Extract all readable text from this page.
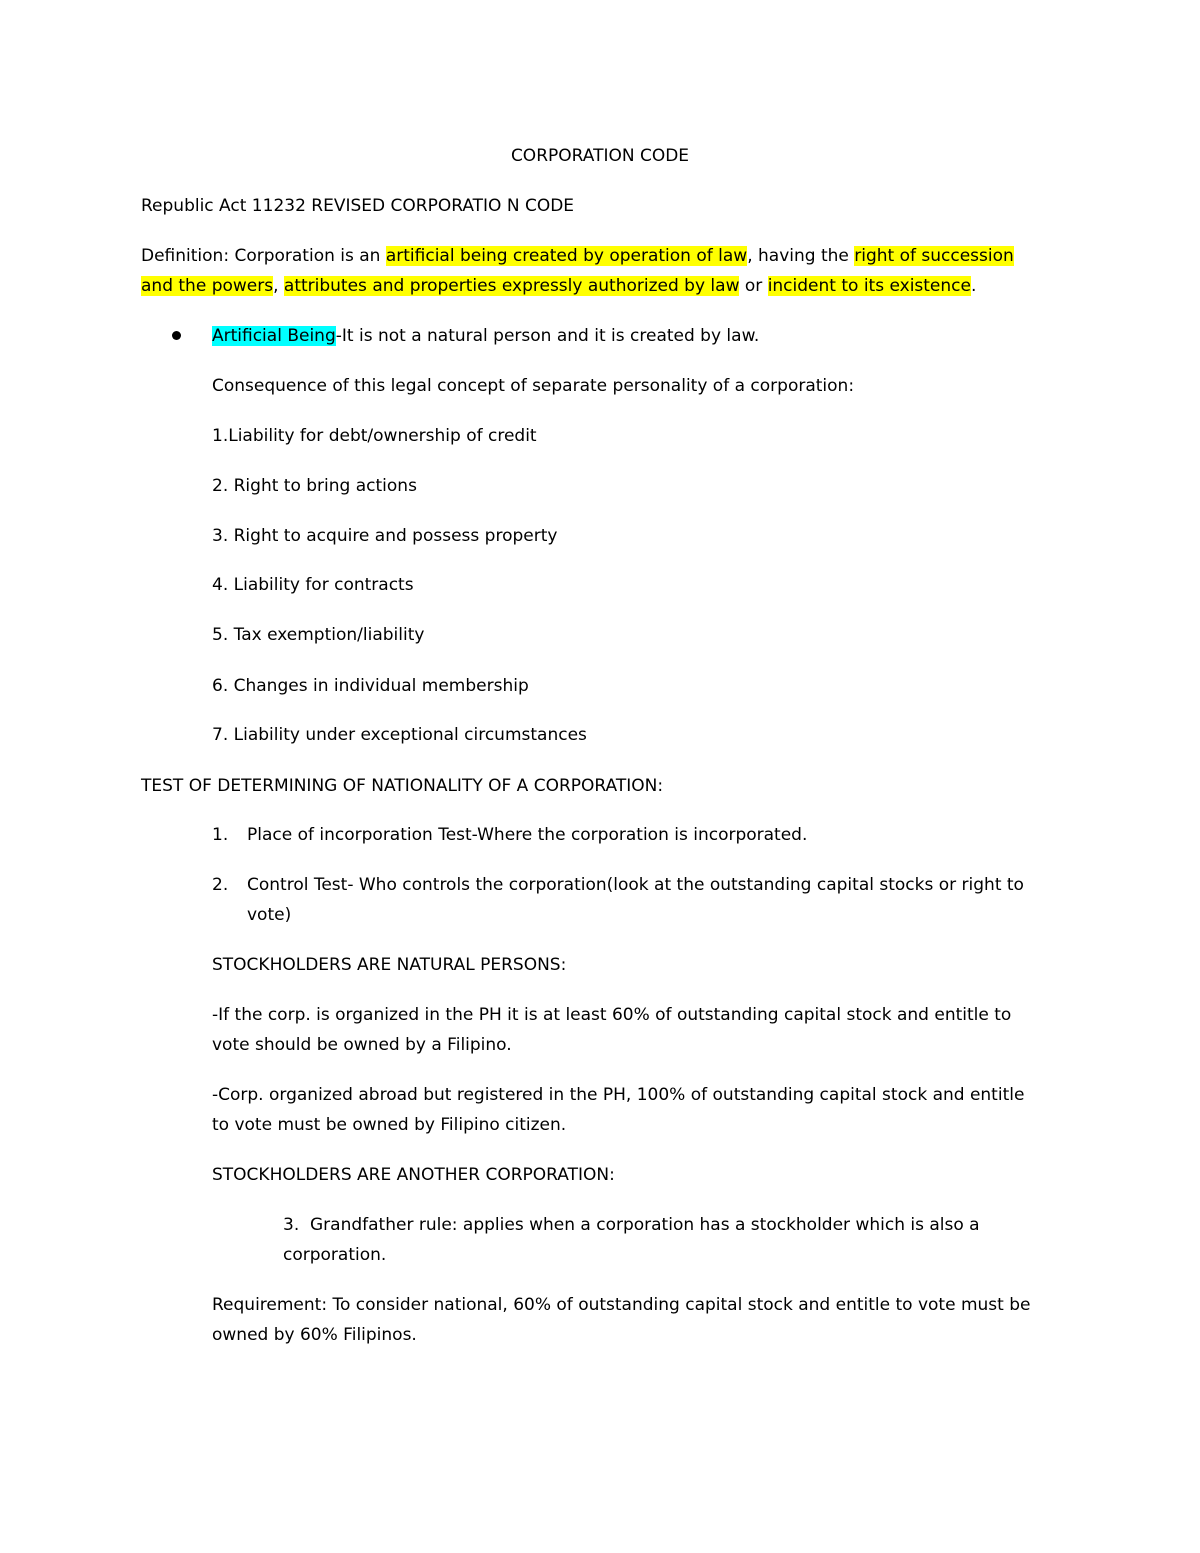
CORPORATION CODE
Republic Act 11232 REVISED CORPORATIO N CODE
Definition: Corporation is an artificial being created by operation of law, having the right of succession
and the powers, attributes and properties expressly authorized by law or incident to its existence.
Artificial Being-It is not a natural person and it is created by law.
Consequence of this legal concept of separate personality of a corporation:
1.Liability for debt/ownership of credit
2. Right to bring actions
3. Right to acquire and possess property
4. Liability for contracts
5. Tax exemption/liability
6. Changes in individual membership
7. Liability under exceptional circumstances
TEST OF DETERMINING OF NATIONALITY OF A CORPORATION:
1. Place of incorporation Test-Where the corporation is incorporated.
2. Control Test- Who controls the corporation(look at the outstanding capital stocks or right to
vote)
STOCKHOLDERS ARE NATURAL PERSONS:
-If the corp. is organized in the PH it is at least 60% of outstanding capital stock and entitle to
vote should be owned by a Filipino.
-Corp. organized abroad but registered in the PH, 100% of outstanding capital stock and entitle
to vote must be owned by Filipino citizen.
STOCKHOLDERS ARE ANOTHER CORPORATION:
3. Grandfather rule: applies when a corporation has a stockholder which is also a
corporation.
Requirement: To consider national, 60% of outstanding capital stock and entitle to vote must be
owned by 60% Filipinos.
